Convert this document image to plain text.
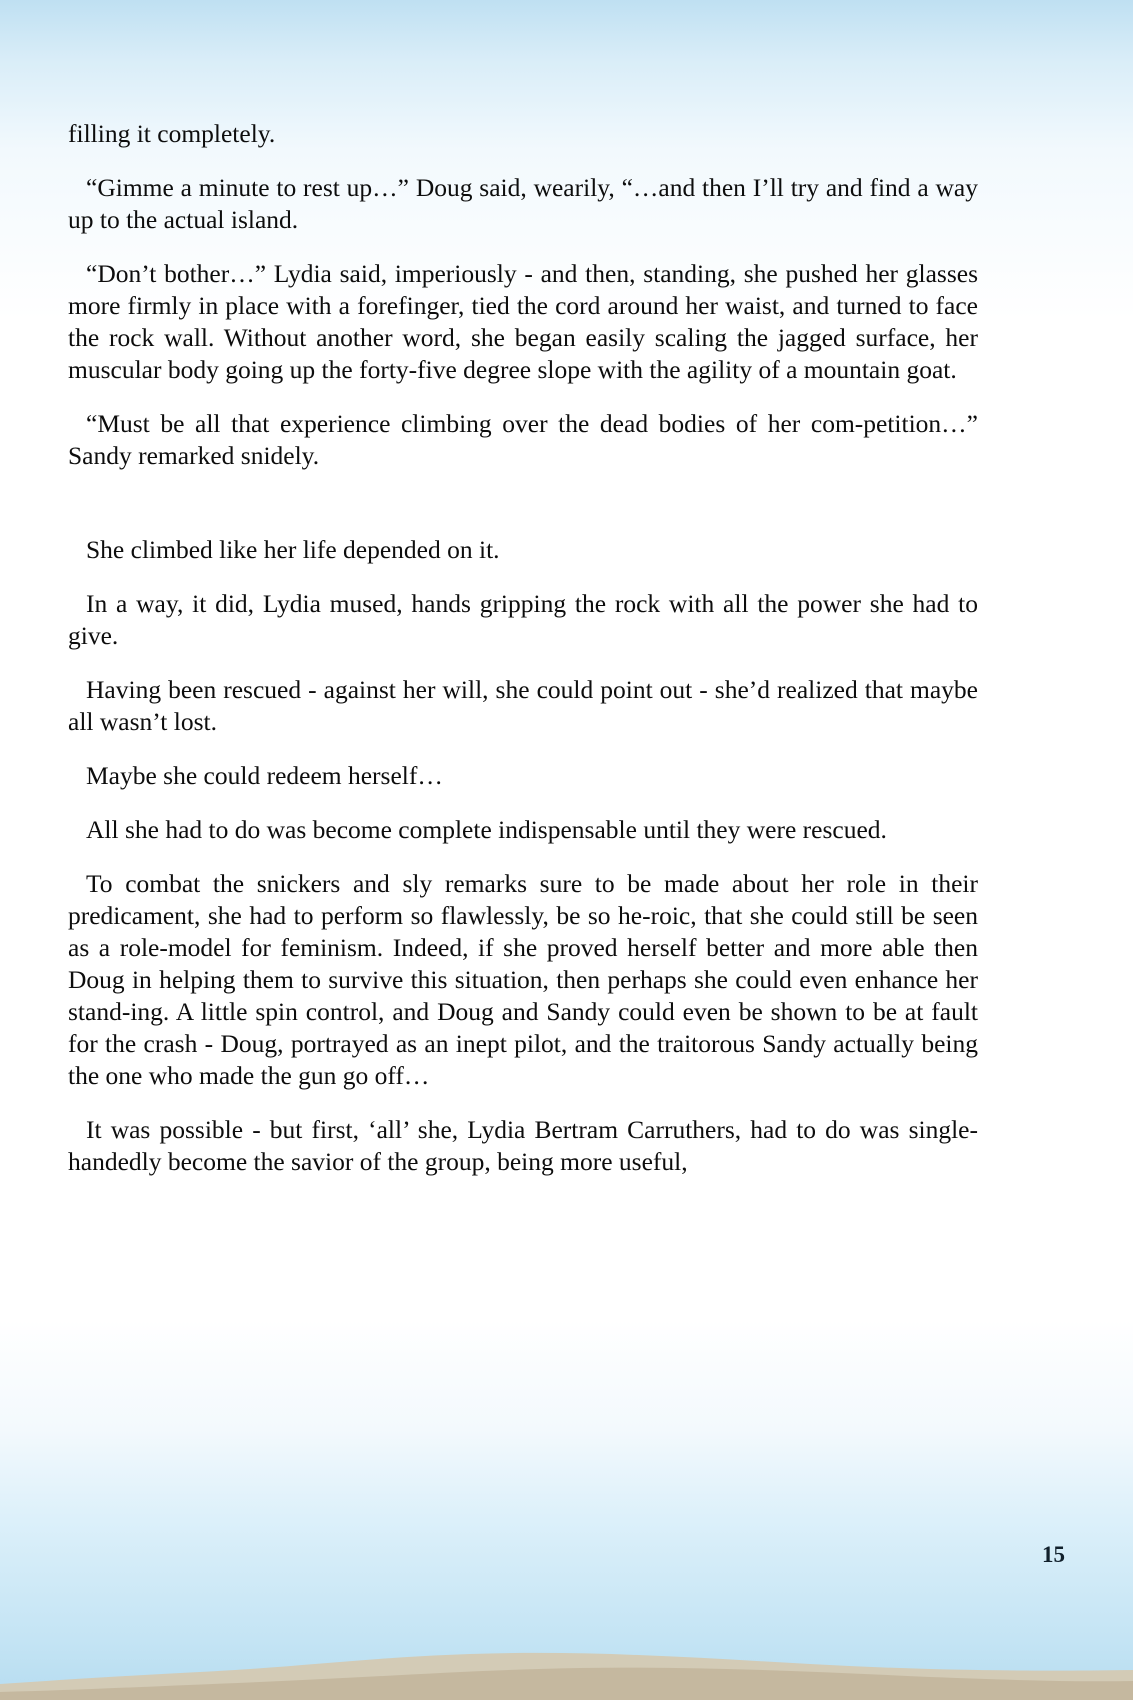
filling it completely.

“Gimme a minute to rest up…” Doug said, wearily, “…and then I’ll try and find a way up to the actual island.

“Don’t bother…” Lydia said, imperiously - and then, standing, she pushed her glasses more firmly in place with a forefinger, tied the cord around her waist, and turned to face the rock wall. Without another word, she began easily scaling the jagged surface, her muscular body going up the forty-five degree slope with the agility of a mountain goat.

“Must be all that experience climbing over the dead bodies of her com-petition…” Sandy remarked snidely.

She climbed like her life depended on it.

In a way, it did, Lydia mused, hands gripping the rock with all the power she had to give.

Having been rescued - against her will, she could point out - she’d realized that maybe all wasn’t lost.

Maybe she could redeem herself…

All she had to do was become complete indispensable until they were rescued.

To combat the snickers and sly remarks sure to be made about her role in their predicament, she had to perform so flawlessly, be so he-roic, that she could still be seen as a role-model for feminism. Indeed, if she proved herself better and more able then Doug in helping them to survive this situation, then perhaps she could even enhance her stand-ing. A little spin control, and Doug and Sandy could even be shown to be at fault for the crash - Doug, portrayed as an inept pilot, and the traitorous Sandy actually being the one who made the gun go off…

It was possible - but first, ‘all’ she, Lydia Bertram Carruthers, had to do was single-handedly become the savior of the group, being more useful,

15
